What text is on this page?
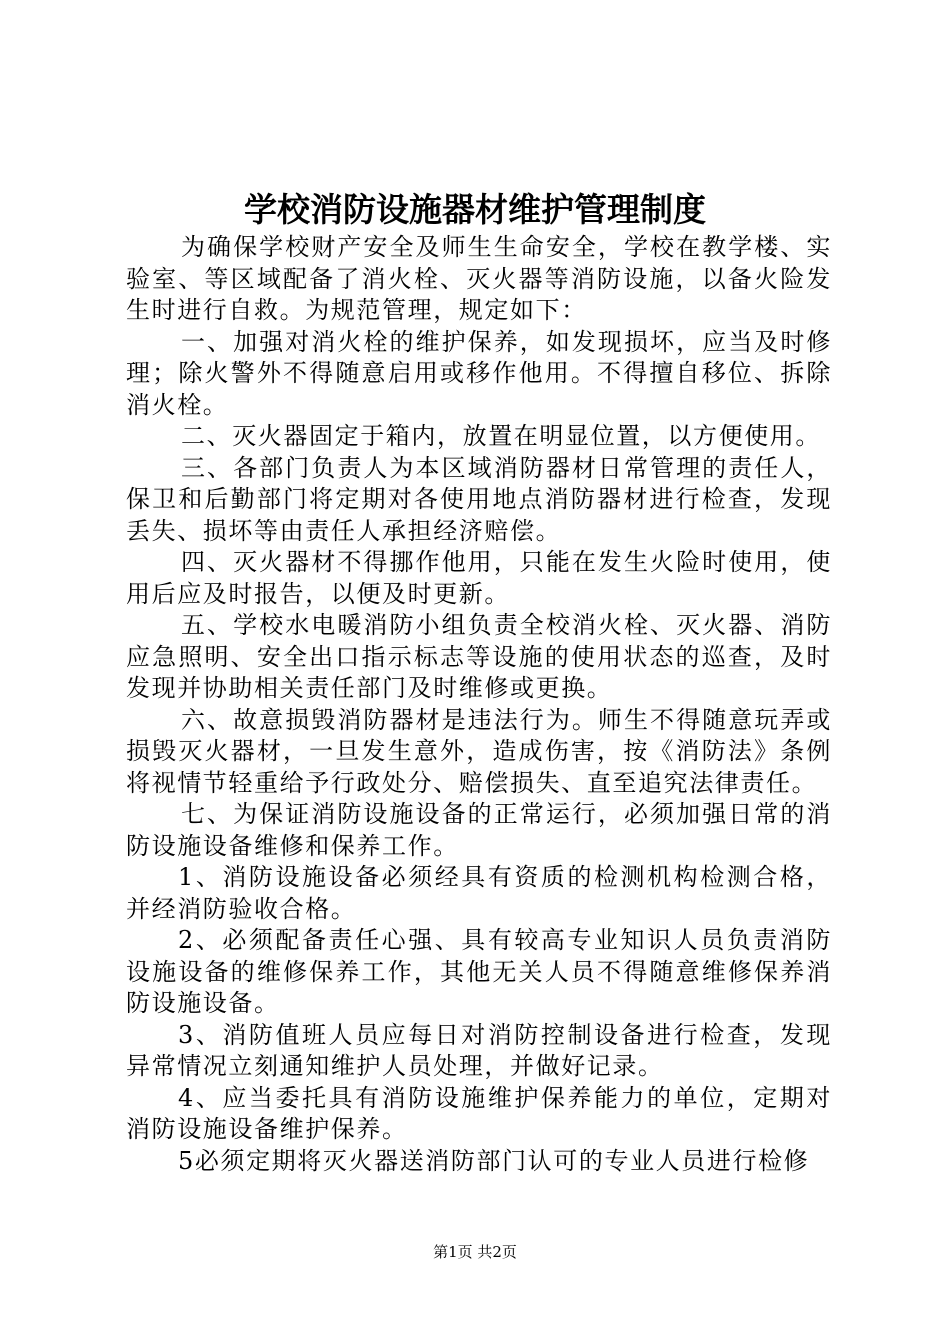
学校消防设施器材维护管理制度

为确保学校财产安全及师生生命安全，学校在教学楼、实验室、等区域配备了消火栓、灭火器等消防设施，以备火险发生时进行自救。为规范管理，规定如下：

一、加强对消火栓的维护保养，如发现损坏，应当及时修理；除火警外不得随意启用或移作他用。不得擅自移位、拆除消火栓。

二、灭火器固定于箱内，放置在明显位置，以方便使用。

三、各部门负责人为本区域消防器材日常管理的责任人，保卫和后勤部门将定期对各使用地点消防器材进行检查，发现丢失、损坏等由责任人承担经济赔偿。

四、灭火器材不得挪作他用，只能在发生火险时使用，使用后应及时报告，以便及时更新。

五、学校水电暖消防小组负责全校消火栓、灭火器、消防应急照明、安全出口指示标志等设施的使用状态的巡查，及时发现并协助相关责任部门及时维修或更换。

六、故意损毁消防器材是违法行为。师生不得随意玩弄或损毁灭火器材，一旦发生意外，造成伤害，按《消防法》条例将视情节轻重给予行政处分、赔偿损失、直至追究法律责任。

七、为保证消防设施设备的正常运行，必须加强日常的消防设施设备维修和保养工作。

1、消防设施设备必须经具有资质的检测机构检测合格，并经消防验收合格。

2、必须配备责任心强、具有较高专业知识人员负责消防设施设备的维修保养工作，其他无关人员不得随意维修保养消防设施设备。

3、消防值班人员应每日对消防控制设备进行检查，发现异常情况立刻通知维护人员处理，并做好记录。

4、应当委托具有消防设施维护保养能力的单位，定期对消防设施设备维护保养。

5必须定期将灭火器送消防部门认可的专业人员进行检修

第1页 共2页
